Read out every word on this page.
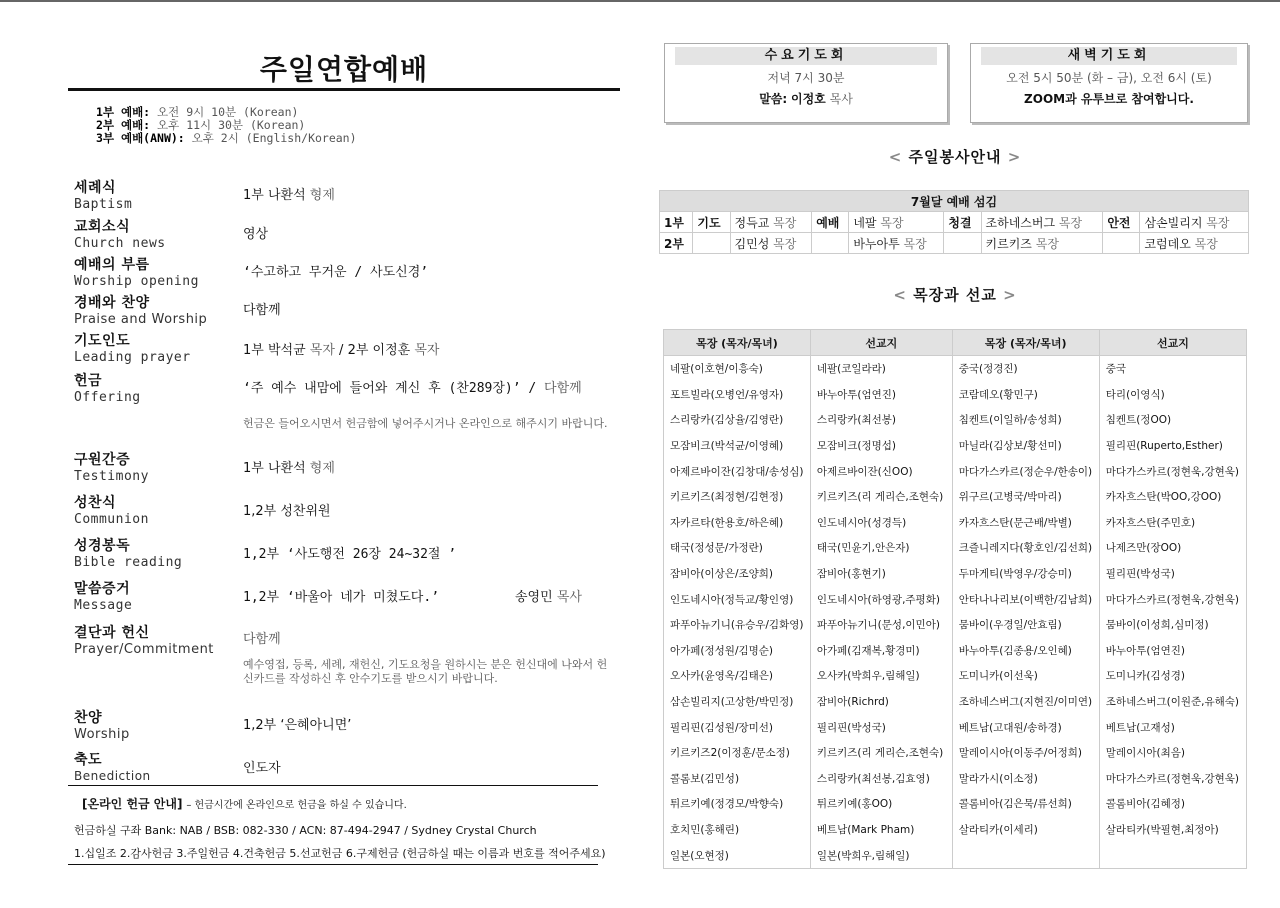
주일연합예배
1부 예배: 오전 9시 10분 (Korean)
2부 예배: 오후 11시 30분 (Korean)
3부 예배(ANW): 오후 2시 (English/Korean)
세례식
Baptism
1부 나환석 형제
교회소식
Church news
영상
예배의 부름
Worship opening
‘수고하고 무거운 / 사도신경’
경배와 찬양
Praise and Worship
다함께
기도인도
Leading prayer	1부 박석균 목자 / 2부 이정훈 목자
헌금
Offering
‘주 예수 내맘에 들어와 계신 후 (찬289장)’ / 다함께
헌금은 들어오시면서 헌금함에 넣어주시거나 온라인으로 해주시기 바랍니다.
구원간증
Testimony
1부 나환석 형제
성찬식
Communion
1,2부 성찬위원
성경봉독
Bible reading
1,2부 ‘사도행전 26장 24~32절 ’
말씀증거
Message
1,2부 ‘바울아 네가 미쳤도다.’	송영민 목사
결단과 헌신
Prayer/Commitment
다함께
예수영접, 등록, 세례, 재헌신, 기도요청을 원하시는 분은 헌신대에 나와서 헌신카드를 작성하신 후 안수기도를 받으시기 바랍니다.
찬양
Worship
1,2부 ‘은혜아니면’
축도
Benediction	인도자
[온라인 헌금 안내] – 헌금시간에 온라인으로 헌금을 하실 수 있습니다.
헌금하실 구좌 Bank: NAB / BSB: 082-330 / ACN: 87-494-2947 / Sydney Crystal Church
1.십일조 2.감사헌금 3.주일헌금 4.건축헌금 5.선교헌금 6.구제헌금 (헌금하실 때는 이름과 번호를 적어주세요)
수요기도회
저녁 7시 30분
말씀: 이정호 목사
새벽기도회
오전 5시 50분 (화 – 금), 오전 6시 (토)
ZOOM과 유투브로 참여합니다.
< 주일봉사안내 >
7월달 예배 섬김								
1부	기도	정득교 목장	예배	네팔 목장	청결	조하네스버그 목장	안전	삼손빌리지 목장
2부		김민성 목장		바누아투 목장		키르키즈 목장		코럼데오 목장
< 목장과 선교 >
목장 (목자/목녀)	선교지	목장 (목자/목녀)	선교지
네팔(이호현/이흥숙)	네팔(코일라라)	중국(정경진)	중국
포트빌라(오병언/유영자)	바누아투(엄연진)	코람데오(황민구)	타리(이영식)
스리랑카(김상율/김영란)	스리랑카(최선봉)	침켄트(이일하/송성희)	침켄트(정OO)
모잠비크(박석균/이영혜)	모잠비크(정명섭)	마닐라(김상보/황선미)	필리핀(Ruperto,Esther)
아제르바이잔(김창대/송성심)	아제르바이잔(신OO)	마다가스카르(정순우/한송이)	마다가스카르(정현욱,강현욱)
키르키즈(최정현/김현정)	키르키즈(리 게리슨,조현숙)	위구르(고병국/박마리)	카자흐스탄(박OO,강OO)
자카르타(한용호/하은혜)	인도네시아(성경득)	카자흐스탄(문근배/박별)	카자흐스탄(주민호)
태국(정성문/가정란)	태국(민윤기,안은자)	크즐니레지다(황호인/김선희)	나제즈만(장OO)
잠비아(이상은/조양희)	잠비아(홍현기)	두마게티(박영우/강승미)	필리핀(박성국)
인도네시아(정득교/황인영)	인도네시아(하영광,주평화)	안타나나리보(이백한/김남희)	마다가스카르(정현욱,강현욱)
파푸아뉴기니(유승우/김화영)	파푸아뉴기니(문성,이민아)	뭄바이(우경일/안효림)	뭄바이(이성희,심미정)
아가페(정성원/김명순)	아가페(김재복,황경미)	바누아투(김종용/오인혜)	바누아투(엄연진)
오사카(윤영옥/김태은)	오사카(박희우,림해일)	도미니카(이선욱)	도미니카(김성경)
삼손빌리지(고상한/박민정)	잠비아(Richrd)	조하네스버그(지현진/이미연)	조하네스버그(이원준,유해숙)
필리핀(김성원/장미선)	필리핀(박성국)	베트남(고대원/송하경)	베트남(고재성)
키르키즈2(이정훈/문소정)	키르키즈(리 게리슨,조현숙)	말레이시아(이동주/어정희)	말레이시아(최음)
콜롬보(김민성)	스리랑카(최선봉,김효영)	말라가시(이소정)	마다가스카르(정현욱,강현욱)
튀르키예(정경모/박향숙)	튀르키예(홍OO)	콜롬비아(김은묵/류선희)	콜롬비아(김혜정)
호치민(홍해린)	베트남(Mark Pham)	살라티카(이세리)	살라티카(박필현,최정아)
일본(오현정)	일본(박희우,림해일)		
